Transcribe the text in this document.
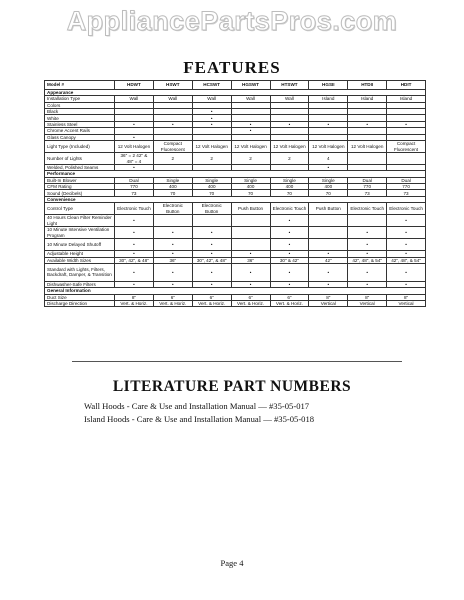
AppliancePartsPros.com
FEATURES
Model #	HDWT	HSWT	HCSWT	HGSWT	HTSWT	HGSII	HTDII	HDIT
Appearance								
Installation Type	Wall	Wall	Wall	Wall	Wall	Island	Island	Island
Colors								
Black			•					
White			•					
Stainless Steel	•	•	•	•	•	•	•	•
Chrome Accent Rails				•				
Glass Canopy	•							
Light Type (Included)	12 Volt Halogen	Compact Fluorescent	12 Volt Halogen	12 Volt Halogen	12 Volt Halogen	12 Volt Halogen	12 Volt Halogen	Compact Fluorescent
Number of Lights	36" = 2 42" & 48" = 4	2	2	2	2	4		
Welded, Polished Seams	•					•		
Performance								
Built-In Blower	Dual	Single	Single	Single	Single	Single	Dual	Dual
CFM Rating	770	400	400	400	400	400	770	770
Sound (Decibels)	73	70	70	70	70	70	73	73
Convenience								
Control Type	Electronic Touch	Electronic Button	Electronic Button	Push Button	Electronic Touch	Push Button	Electronic Touch	Electronic Touch
40 Hours Clean Filter Reminder Light	•				•			•
10 Minute Intensive Ventilation Program	•	•	•		•		•	•
10 Minute Delayed Shutoff	•	•	•		•		•	•
Adjustable Height	•	•	•	•	•	•	•	•
Available Width Sizes	30", 42", & 48"	36"	30", 42", & 48"	36"	30" & 42"	42"	42", 48", & 54"	42", 48", & 54"
Standard with Lights, Filters, Backdraft, Damper, & Transition	•	•	•	•	•	•	•	•
Dishwasher-Safe Filters	•	•	•	•	•	•	•	•
General Information								
Duct Size	8"	6"	6"	6"	6"	8"	8"	8"
Discharge Direction	Vert. & Horiz.	Vert. & Horiz.	Vert. & Horiz.	Vert. & Horiz.	Vert. & Horiz.	Vertical	Vertical	Vertical
LITERATURE PART NUMBERS
Wall Hoods - Care & Use and Installation Manual — #35-05-017
Island Hoods - Care & Use and Installation Manual — #35-05-018
Page 4
